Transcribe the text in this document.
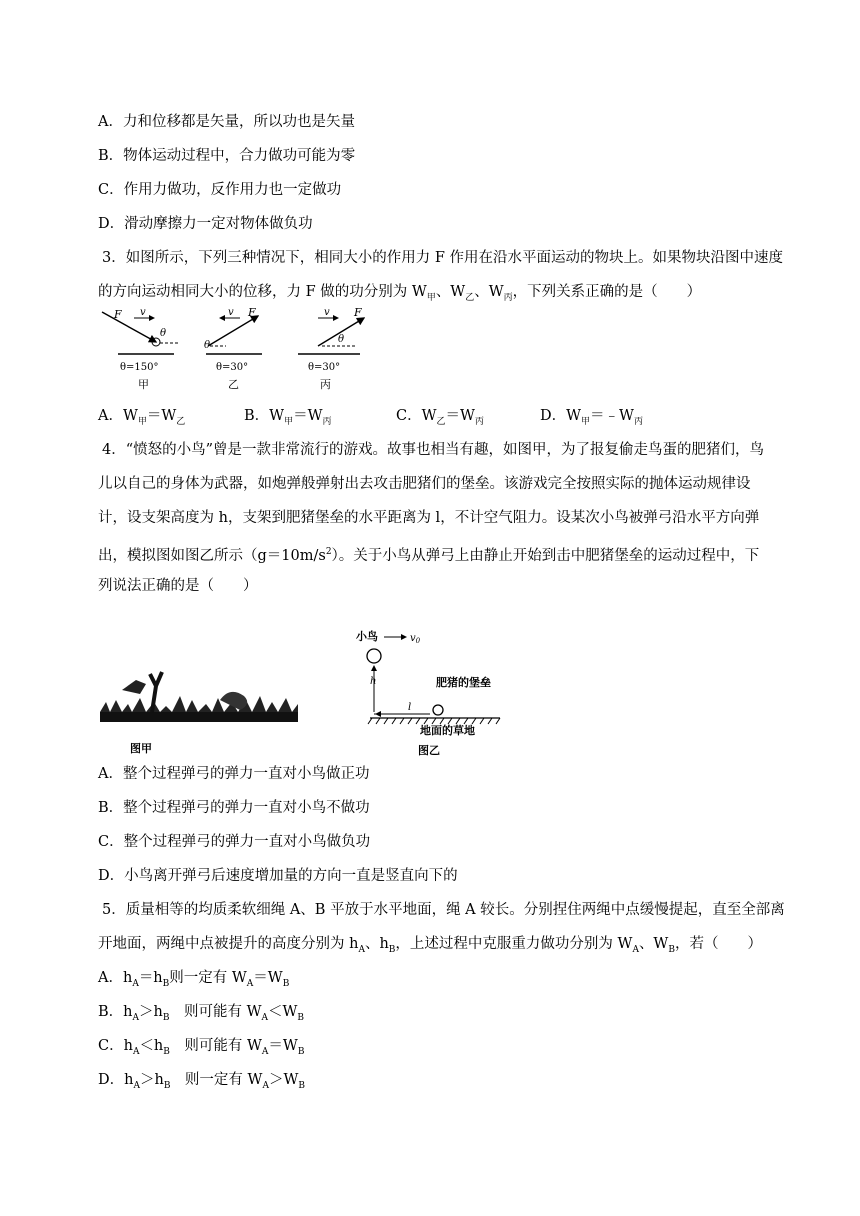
A．力和位移都是矢量，所以功也是矢量
B．物体运动过程中，合力做功可能为零
C．作用力做功，反作用力也一定做功
D．滑动摩擦力一定对物体做负功
3．如图所示，下列三种情况下，相同大小的作用力 F 作用在沿水平面运动的物块上。如果物块沿图中速度
的方向运动相同大小的位移，力 F 做的功分别为 $W_甲$、$W_乙$、$W_丙$，下列关系正确的是（　　）
F v
θ
θ=150°
甲
F
v
θ
θ=30°
乙
F
v
θ
θ=30°
丙
A．$W_甲=W_乙$	B．$W_甲=W_丙$	C．$W_乙=W_丙$	D．$W_甲=﹣W_丙$
4．“愤怒的小鸟”曾是一款非常流行的游戏。故事也相当有趣，如图甲，为了报复偷走鸟蛋的肥猪们，鸟
儿以自己的身体为武器，如炮弹般弹射出去攻击肥猪们的堡垒。该游戏完全按照实际的抛体运动规律设
计，设支架高度为 h，支架到肥猪堡垒的水平距离为 l，不计空气阻力。设某次小鸟被弹弓沿水平方向弹
出，模拟图如图乙所示$(g=10m/s^2)$。关于小鸟从弹弓上由静止开始到击中肥猪堡垒的运动过程中，下
列说法正确的是（　　）
图甲
小鸟	$v_0$
h
l
肥猪的堡垒
地面的草地
图乙
A．整个过程弹弓的弹力一直对小鸟做正功
B．整个过程弹弓的弹力一直对小鸟不做功
C．整个过程弹弓的弹力一直对小鸟做负功
D．小鸟离开弹弓后速度增加量的方向一直是竖直向下的
5．质量相等的均质柔软细绳 A、B 平放于水平地面，绳 A 较长。分别捏住两绳中点缓慢提起，直至全部离
开地面，两绳中点被提升的高度分别为 $h_A$、$h_B$，上述过程中克服重力做功分别为 $W_A$、$W_B$，若（　　）
A．$h_A=h_B$则一定有 $W_A=W_B$
B．$h_A>h_B$　则可能有 $W_A<W_B$
C．$h_A<h_B$　则可能有 $W_A=W_B$
D．$h_A>h_B$　则一定有 $W_A>W_B$
